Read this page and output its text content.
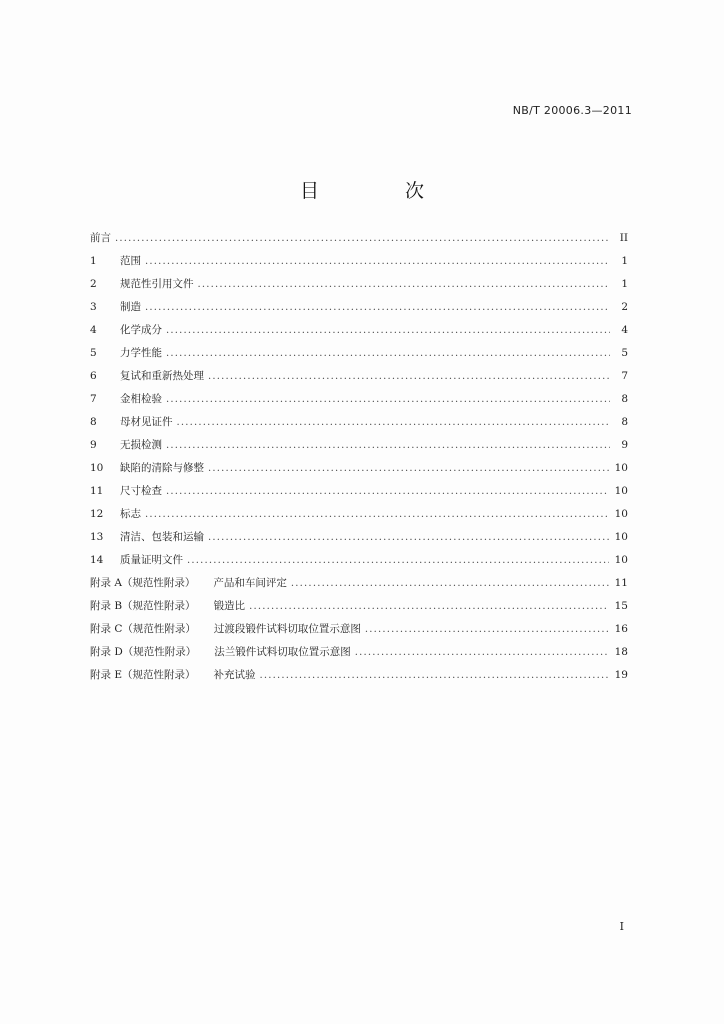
NB/T 20006.3—2011
目 次
前言 .....	II
1	范围 .....	1
2	规范性引用文件 .....	1
3	制造 .....	2
4	化学成分 .....	4
5	力学性能 .....	5
6	复试和重新热处理 .....	7
7	金相检验 .....	8
8	母材见证件 .....	8
9	无损检测 .....	9
10 缺陷的清除与修整 .....	10
11 尺寸检查 .....	10
12 标志 .....	10
13 清洁、包装和运输 .....	10
14 质量证明文件 .....	10
附录 A（规范性附录） 产品和车间评定 .....	11
附录 B（规范性附录） 锻造比 .....	15
附录 C（规范性附录） 过渡段锻件试料切取位置示意图 .....	16
附录 D（规范性附录） 法兰锻件试料切取位置示意图 .....	18
附录 E（规范性附录） 补充试验 .....	19
I
